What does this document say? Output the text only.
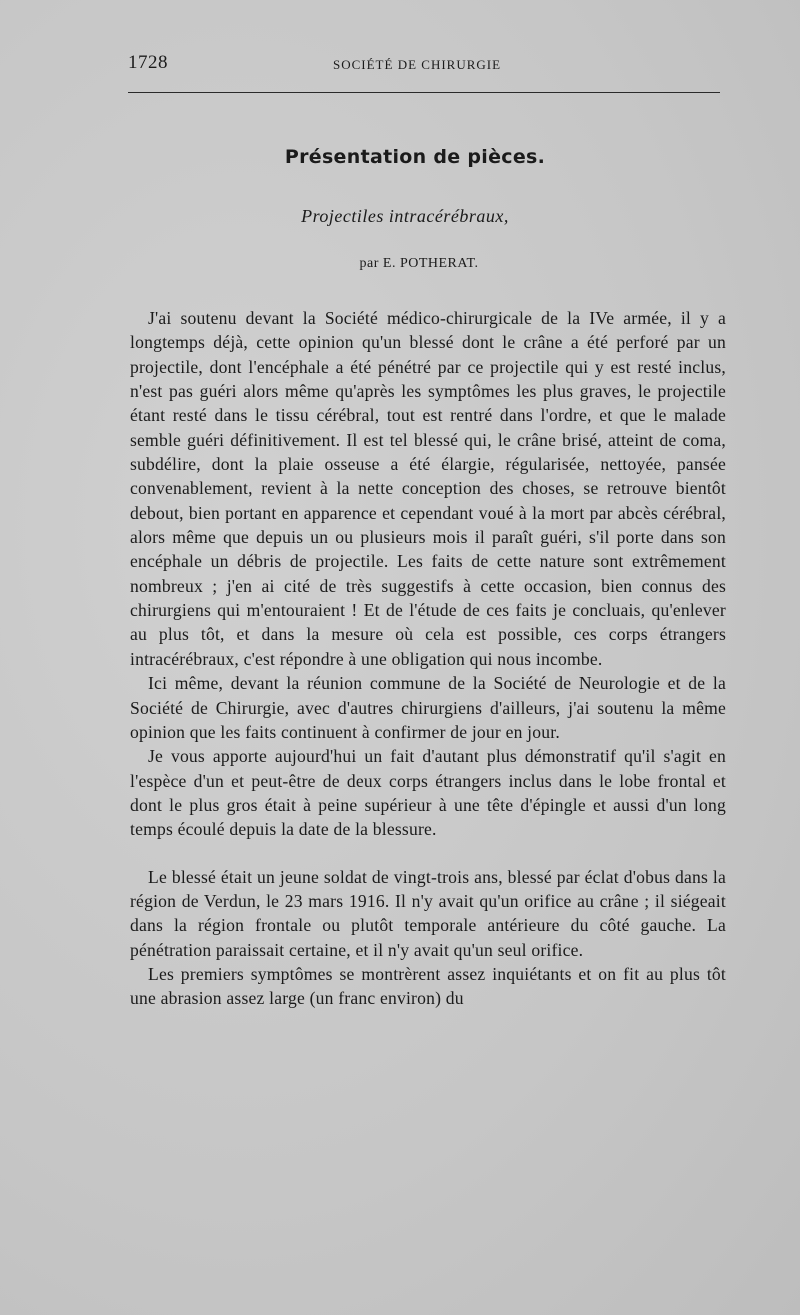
1728	SOCIÉTÉ DE CHIRURGIE
Présentation de pièces.
Projectiles intracérébraux,
par E. POTHERAT.

J'ai soutenu devant la Société médico-chirurgicale de la IVe armée, il y a longtemps déjà, cette opinion qu'un blessé dont le crâne a été perforé par un projectile, dont l'encéphale a été pénétré par ce projectile qui y est resté inclus, n'est pas guéri alors même qu'après les symptômes les plus graves, le projectile étant resté dans le tissu cérébral, tout est rentré dans l'ordre, et que le malade semble guéri définitivement. Il est tel blessé qui, le crâne brisé, atteint de coma, subdélire, dont la plaie osseuse a été élargie, régularisée, nettoyée, pansée convenablement, revient à la nette conception des choses, se retrouve bientôt debout, bien portant en apparence et cependant voué à la mort par abcès cérébral, alors même que depuis un ou plusieurs mois il paraît guéri, s'il porte dans son encéphale un débris de projectile. Les faits de cette nature sont extrêmement nombreux ; j'en ai cité de très suggestifs à cette occasion, bien connus des chirurgiens qui m'entouraient ! Et de l'étude de ces faits je concluais, qu'enlever au plus tôt, et dans la mesure où cela est possible, ces corps étrangers intracérébraux, c'est répondre à une obligation qui nous incombe.

Ici même, devant la réunion commune de la Société de Neurologie et de la Société de Chirurgie, avec d'autres chirurgiens d'ailleurs, j'ai soutenu la même opinion que les faits continuent à confirmer de jour en jour.

Je vous apporte aujourd'hui un fait d'autant plus démonstratif qu'il s'agit en l'espèce d'un et peut-être de deux corps étrangers inclus dans le lobe frontal et dont le plus gros était à peine supérieur à une tête d'épingle et aussi d'un long temps écoulé depuis la date de la blessure.

Le blessé était un jeune soldat de vingt-trois ans, blessé par éclat d'obus dans la région de Verdun, le 23 mars 1916. Il n'y avait qu'un orifice au crâne ; il siégeait dans la région frontale ou plutôt temporale antérieure du côté gauche. La pénétration paraissait certaine, et il n'y avait qu'un seul orifice.

Les premiers symptômes se montrèrent assez inquiétants et on fit au plus tôt une abrasion assez large (un franc environ) du
